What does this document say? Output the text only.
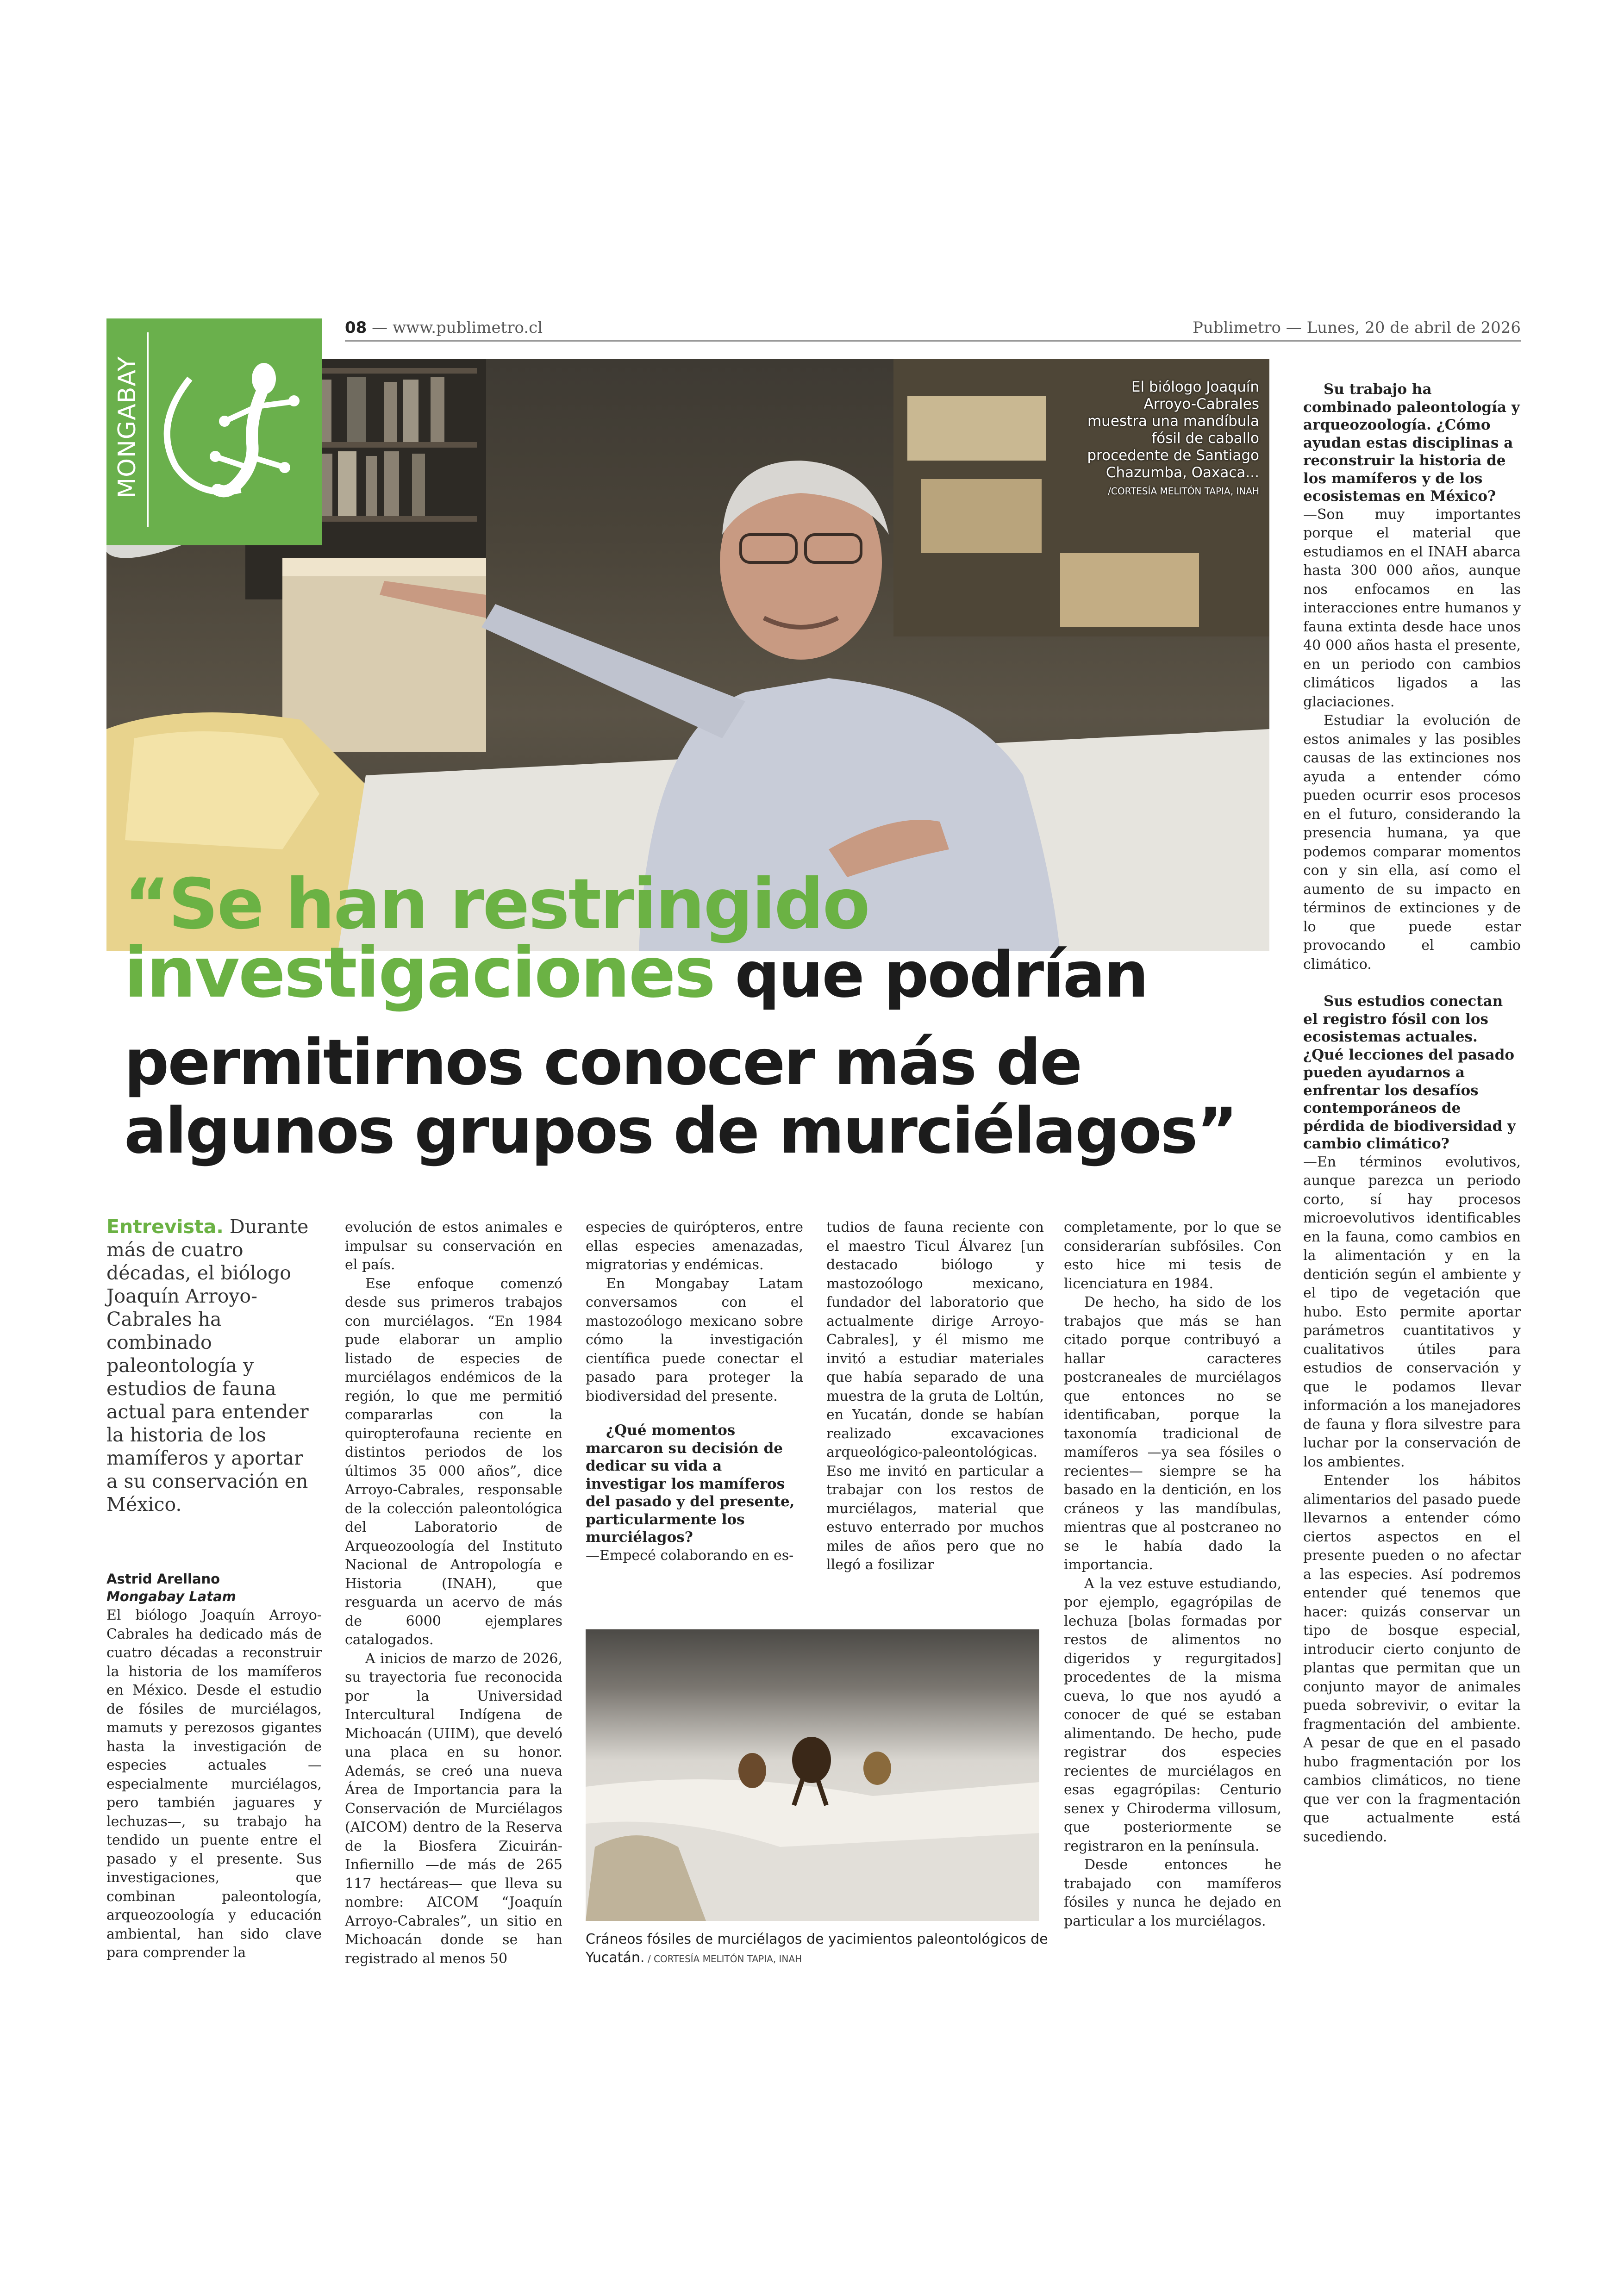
08 — www.publimetro.cl	Publimetro — Lunes, 20 de abril de 2026
MONGABAY	El biólogo Joaquín Arroyo-Cabrales muestra una mandíbula fósil de caballo procedente de Santiago Chazumba, Oaxaca...
/CORTESÍA MELITÓN TAPIA, INAH
“Se han restringido
investigaciones que podrían
permitirnos conocer más de
algunos grupos de murciélagos”
Entrevista. Durante más de cuatro décadas, el biólogo Joaquín Arroyo-Cabrales ha combinado paleontología y estudios de fauna actual para entender la historia de los mamíferos y aportar a su conservación en México.
Astrid Arellano
Mongabay Latam

El biólogo Joaquín Arroyo-Cabrales ha dedicado más de cuatro décadas a reconstruir la historia de los mamíferos en México. Desde el estudio de fósiles de murciélagos, mamuts y perezosos gigantes hasta la investigación de especies actuales —especialmente murciélagos, pero también jaguares y lechuzas—, su trabajo ha tendido un puente entre el pasado y el presente. Sus investigaciones, que combinan paleontología, arqueozoología y educación ambiental, han sido clave para comprender la

evolución de estos animales e impulsar su conservación en el país.

Ese enfoque comenzó desde sus primeros trabajos con murciélagos. “En 1984 pude elaborar un amplio listado de especies de murciélagos endémicos de la región, lo que me permitió compararlas con la quiropterofauna reciente en distintos periodos de los últimos 35 000 años”, dice Arroyo-Cabrales, responsable de la colección paleontológica del Laboratorio de Arqueozoología del Instituto Nacional de Antropología e Historia (INAH), que resguarda un acervo de más de 6000 ejemplares catalogados.

A inicios de marzo de 2026, su trayectoria fue reconocida por la Universidad Intercultural Indígena de Michoacán (UIIM), que develó una placa en su honor. Además, se creó una nueva Área de Importancia para la Conservación de Murciélagos (AICOM) dentro de la Reserva de la Biosfera Zicuirán-Infiernillo —de más de 265 117 hectáreas— que lleva su nombre: AICOM “Joaquín Arroyo-Cabrales”, un sitio en Michoacán donde se han registrado al menos 50

especies de quirópteros, entre ellas especies amenazadas, migratorias y endémicas.

En Mongabay Latam conversamos con el mastozoólogo mexicano sobre cómo la investigación científica puede conectar el pasado para proteger la biodiversidad del presente.

¿Qué momentos marcaron su decisión de dedicar su vida a investigar los mamíferos del pasado y del presente, particularmente los murciélagos?

—Empecé colaborando en es-

tudios de fauna reciente con el maestro Ticul Álvarez [un destacado biólogo y mastozoólogo mexicano, fundador del laboratorio que actualmente dirige Arroyo-Cabrales], y él mismo me invitó a estudiar materiales que había separado de una muestra de la gruta de Loltún, en Yucatán, donde se habían realizado excavaciones arqueológico-paleontológicas. Eso me invitó en particular a trabajar con los restos de murciélagos, material que estuvo enterrado por muchos miles de años pero que no llegó a fosilizar

completamente, por lo que se considerarían subfósiles. Con esto hice mi tesis de licenciatura en 1984.

De hecho, ha sido de los trabajos que más se han citado porque contribuyó a hallar caracteres postcraneales de murciélagos que entonces no se identificaban, porque la taxonomía tradicional de mamíferos —ya sea fósiles o recientes— siempre se ha basado en la dentición, en los cráneos y las mandíbulas, mientras que al postcraneo no se le había dado la importancia.

A la vez estuve estudiando, por ejemplo, egagrópilas de lechuza [bolas formadas por restos de alimentos no digeridos y regurgitados] procedentes de la misma cueva, lo que nos ayudó a conocer de qué se estaban alimentando. De hecho, pude registrar dos especies recientes de murciélagos en esas egagrópilas: Centurio senex y Chiroderma villosum, que posteriormente se registraron en la península.

Desde entonces he trabajado con mamíferos fósiles y nunca he dejado en particular a los murciélagos.

Su trabajo ha combinado paleontología y arqueozoología. ¿Cómo ayudan estas disciplinas a reconstruir la historia de los mamíferos y de los ecosistemas en México?

—Son muy importantes porque el material que estudiamos en el INAH abarca hasta 300 000 años, aunque nos enfocamos en las interacciones entre humanos y fauna extinta desde hace unos 40 000 años hasta el presente, en un periodo con cambios climáticos ligados a las glaciaciones.

Estudiar la evolución de estos animales y las posibles causas de las extinciones nos ayuda a entender cómo pueden ocurrir esos procesos en el futuro, considerando la presencia humana, ya que podemos comparar momentos con y sin ella, así como el aumento de su impacto en términos de extinciones y de lo que puede estar provocando el cambio climático.

Sus estudios conectan el registro fósil con los ecosistemas actuales. ¿Qué lecciones del pasado pueden ayudarnos a enfrentar los desafíos contemporáneos de pérdida de biodiversidad y cambio climático?

—En términos evolutivos, aunque parezca un periodo corto, sí hay procesos microevolutivos identificables en la fauna, como cambios en la alimentación y en la dentición según el ambiente y el tipo de vegetación que hubo. Esto permite aportar parámetros cuantitativos y cualitativos útiles para estudios de conservación y que le podamos llevar información a los manejadores de fauna y flora silvestre para luchar por la conservación de los ambientes.

Entender los hábitos alimentarios del pasado puede llevarnos a entender cómo ciertos aspectos en el presente pueden o no afectar a las especies. Así podremos entender qué tenemos que hacer: quizás conservar un tipo de bosque especial, introducir cierto conjunto de plantas que permitan que un conjunto mayor de animales pueda sobrevivir, o evitar la fragmentación del ambiente. A pesar de que en el pasado hubo fragmentación por los cambios climáticos, no tiene que ver con la fragmentación que actualmente está sucediendo.

Cráneos fósiles de murciélagos de yacimientos paleontológicos de Yucatán. / CORTESÍA MELITÓN TAPIA, INAH
